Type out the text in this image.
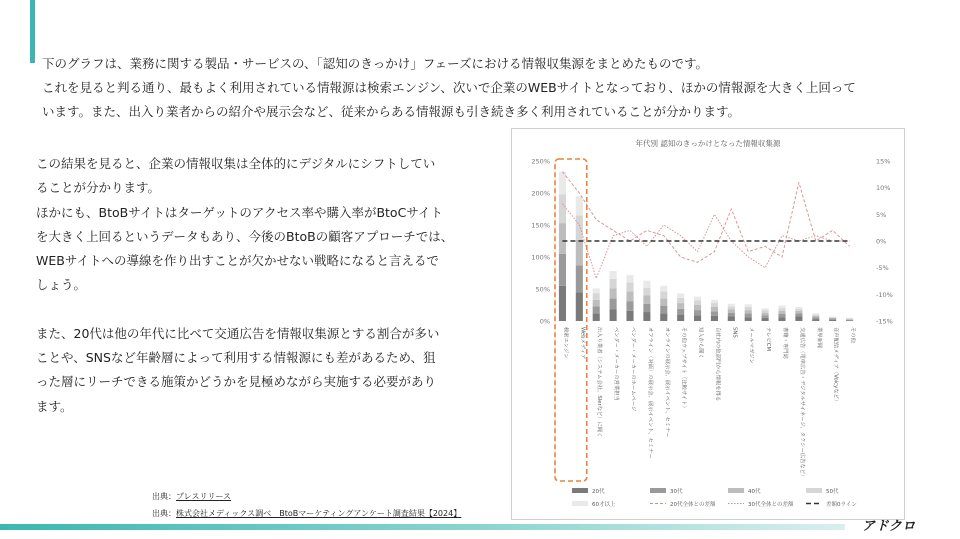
下のグラフは、業務に関する製品・サービスの、「認知のきっかけ」フェーズにおける情報収集源をまとめたものです。

これを見ると判る通り、最もよく利用されている情報源は検索エンジン、次いで企業のWEBサイトとなっており、ほかの情報源を大きく上回って

います。また、出入り業者からの紹介や展示会など、従来からある情報源も引き続き多く利用されていることが分かります。

この結果を見ると、企業の情報収集は全体的にデジタルにシフトしてい

ることが分かります。

ほかにも、BtoBサイトはターゲットのアクセス率や購入率がBtoCサイト

を大きく上回るというデータもあり、今後のBtoBの顧客アプローチでは、

WEBサイトへの導線を作り出すことが欠かせない戦略になると言えるで

しょう。

また、20代は他の年代に比べて交通広告を情報収集源とする割合が多い

ことや、SNSなど年齢層によって利用する情報源にも差があるため、狙

った層にリーチできる施策かどうかを見極めながら実施する必要があり

ます。

年代別 認知のきっかけとなった情報収集源
250%
200%
150%
100%
50%
0%
15%
10%
5%
0%
-5%
-10%
-15%
検索エンジン	Webメディア 出入り業者（システム会社、SIerなど）に聞く	ベンダー・メーカーの営業担当	ベンダー・メーカーのホームページ	オフライン（対面）の展示会、展示イベント、セミナー	オンラインの展示会、展示イベント、セミナー	その他ウェブサイト（比較サイト）	知人から聞く	自社内の他部門から情報を得る	SNS メールマガジン テレビCM 書籍・専門誌	交通広告（電車広告・デジタルサイネージ、タクシー広告など）	業界新聞	音声配信メディア（Voicyなど）	その他
20代	30代	40代	50代
60才以上	20代全体との差額	30代全体との差額	差額0ライン
出典：プレスリリース
出典：株式会社メディックス調べ　BtoBマーケティングアンケート調査結果【2024】
アドクロ
